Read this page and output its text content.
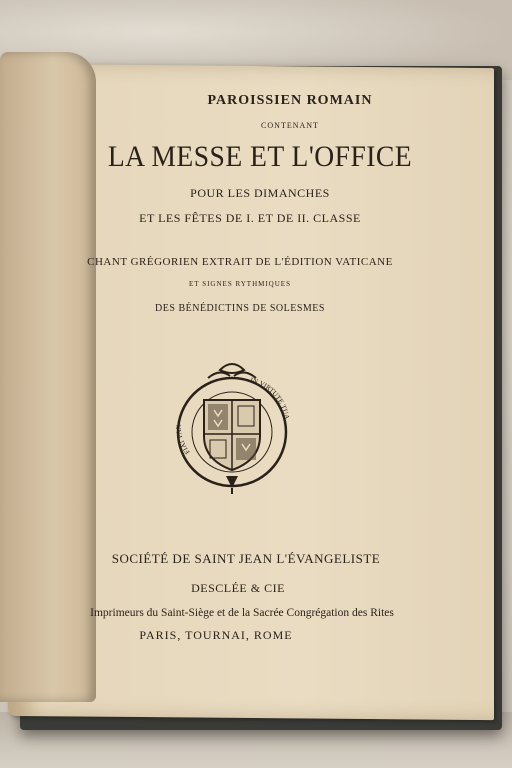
PAROISSIEN ROMAIN
CONTENANT
LA MESSE ET L'OFFICE
POUR LES DIMANCHES
ET LES FÊTES DE I. ET DE II. CLASSE
CHANT GRÉGORIEN EXTRAIT DE L'ÉDITION VATICANE
ET SIGNES RYTHMIQUES
DES BÉNÉDICTINS DE SOLESMES
FIAT PAX
IN VIRTUTE TUA
SOCIÉTÉ DE SAINT JEAN L'ÉVANGELISTE
DESCLÉE & CIE
Imprimeurs du Saint-Siège et de la Sacrée Congrégation des Rites
PARIS, TOURNAI, ROME
